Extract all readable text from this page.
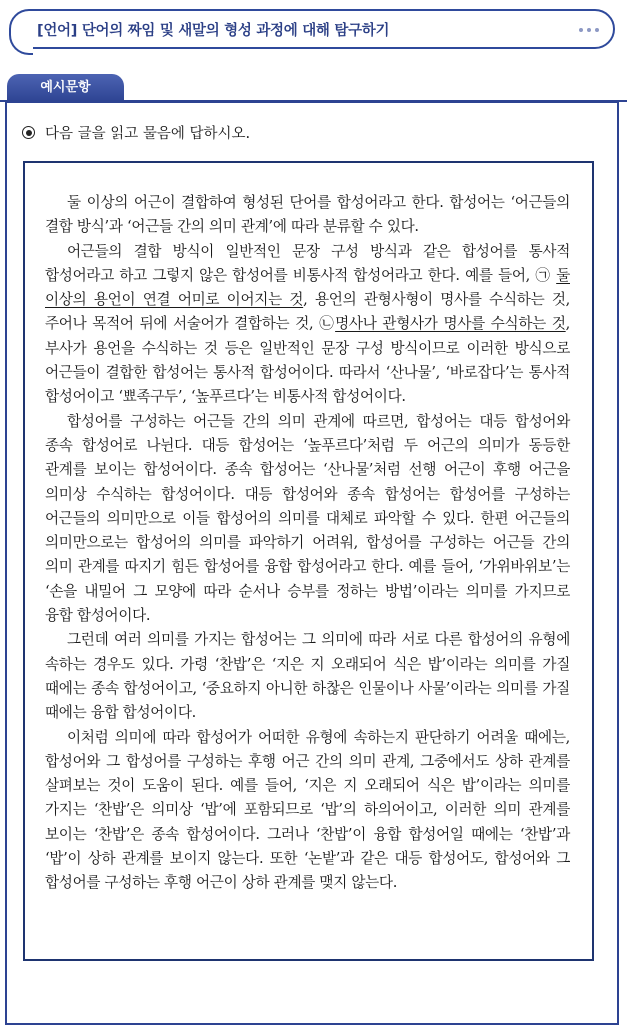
[언어] 단어의 짜임 및 새말의 형성 과정에 대해 탐구하기
예시문항
다음 글을 읽고 물음에 답하시오.

둘 이상의 어근이 결합하여 형성된 단어를 합성어라고 한다. 합성어는 ‘어근들의 결합 방식’과 ‘어근들 간의 의미 관계’에 따라 분류할 수 있다.

어근들의 결합 방식이 일반적인 문장 구성 방식과 같은 합성어를 통사적 합성어라고 하고 그렇지 않은 합성어를 비통사적 합성어라고 한다. 예를 들어, ㉠ 둘 이상의 용언이 연결 어미로 이어지는 것, 용언의 관형사형이 명사를 수식하는 것, 주어나 목적어 뒤에 서술어가 결합하는 것, ㉡명사나 관형사가 명사를 수식하는 것, 부사가 용언을 수식하는 것 등은 일반적인 문장 구성 방식이므로 이러한 방식으로 어근들이 결합한 합성어는 통사적 합성어이다. 따라서 ‘산나물’, ‘바로잡다’는 통사적 합성어이고 ‘뾰족구두’, ‘높푸르다’는 비통사적 합성어이다.

합성어를 구성하는 어근들 간의 의미 관계에 따르면, 합성어는 대등 합성어와 종속 합성어로 나뉜다. 대등 합성어는 ‘높푸르다’처럼 두 어근의 의미가 동등한 관계를 보이는 합성어이다. 종속 합성어는 ‘산나물’처럼 선행 어근이 후행 어근을 의미상 수식하는 합성어이다. 대등 합성어와 종속 합성어는 합성어를 구성하는 어근들의 의미만으로 이들 합성어의 의미를 대체로 파악할 수 있다. 한편 어근들의 의미만으로는 합성어의 의미를 파악하기 어려워, 합성어를 구성하는 어근들 간의 의미 관계를 따지기 힘든 합성어를 융합 합성어라고 한다. 예를 들어, ‘가위바위보’는 ‘손을 내밀어 그 모양에 따라 순서나 승부를 정하는 방법’이라는 의미를 가지므로 융합 합성어이다.

그런데 여러 의미를 가지는 합성어는 그 의미에 따라 서로 다른 합성어의 유형에 속하는 경우도 있다. 가령 ‘찬밥’은 ‘지은 지 오래되어 식은 밥’이라는 의미를 가질 때에는 종속 합성어이고, ‘중요하지 아니한 하찮은 인물이나 사물’이라는 의미를 가질 때에는 융합 합성어이다.

이처럼 의미에 따라 합성어가 어떠한 유형에 속하는지 판단하기 어려울 때에는, 합성어와 그 합성어를 구성하는 후행 어근 간의 의미 관계, 그중에서도 상하 관계를 살펴보는 것이 도움이 된다. 예를 들어, ‘지은 지 오래되어 식은 밥’이라는 의미를 가지는 ‘찬밥’은 의미상 ‘밥’에 포함되므로 ‘밥’의 하의어이고, 이러한 의미 관계를 보이는 ‘찬밥’은 종속 합성어이다. 그러나 ‘찬밥’이 융합 합성어일 때에는 ‘찬밥’과 ‘밥’이 상하 관계를 보이지 않는다. 또한 ‘논밭’과 같은 대등 합성어도, 합성어와 그 합성어를 구성하는 후행 어근이 상하 관계를 맺지 않는다.
